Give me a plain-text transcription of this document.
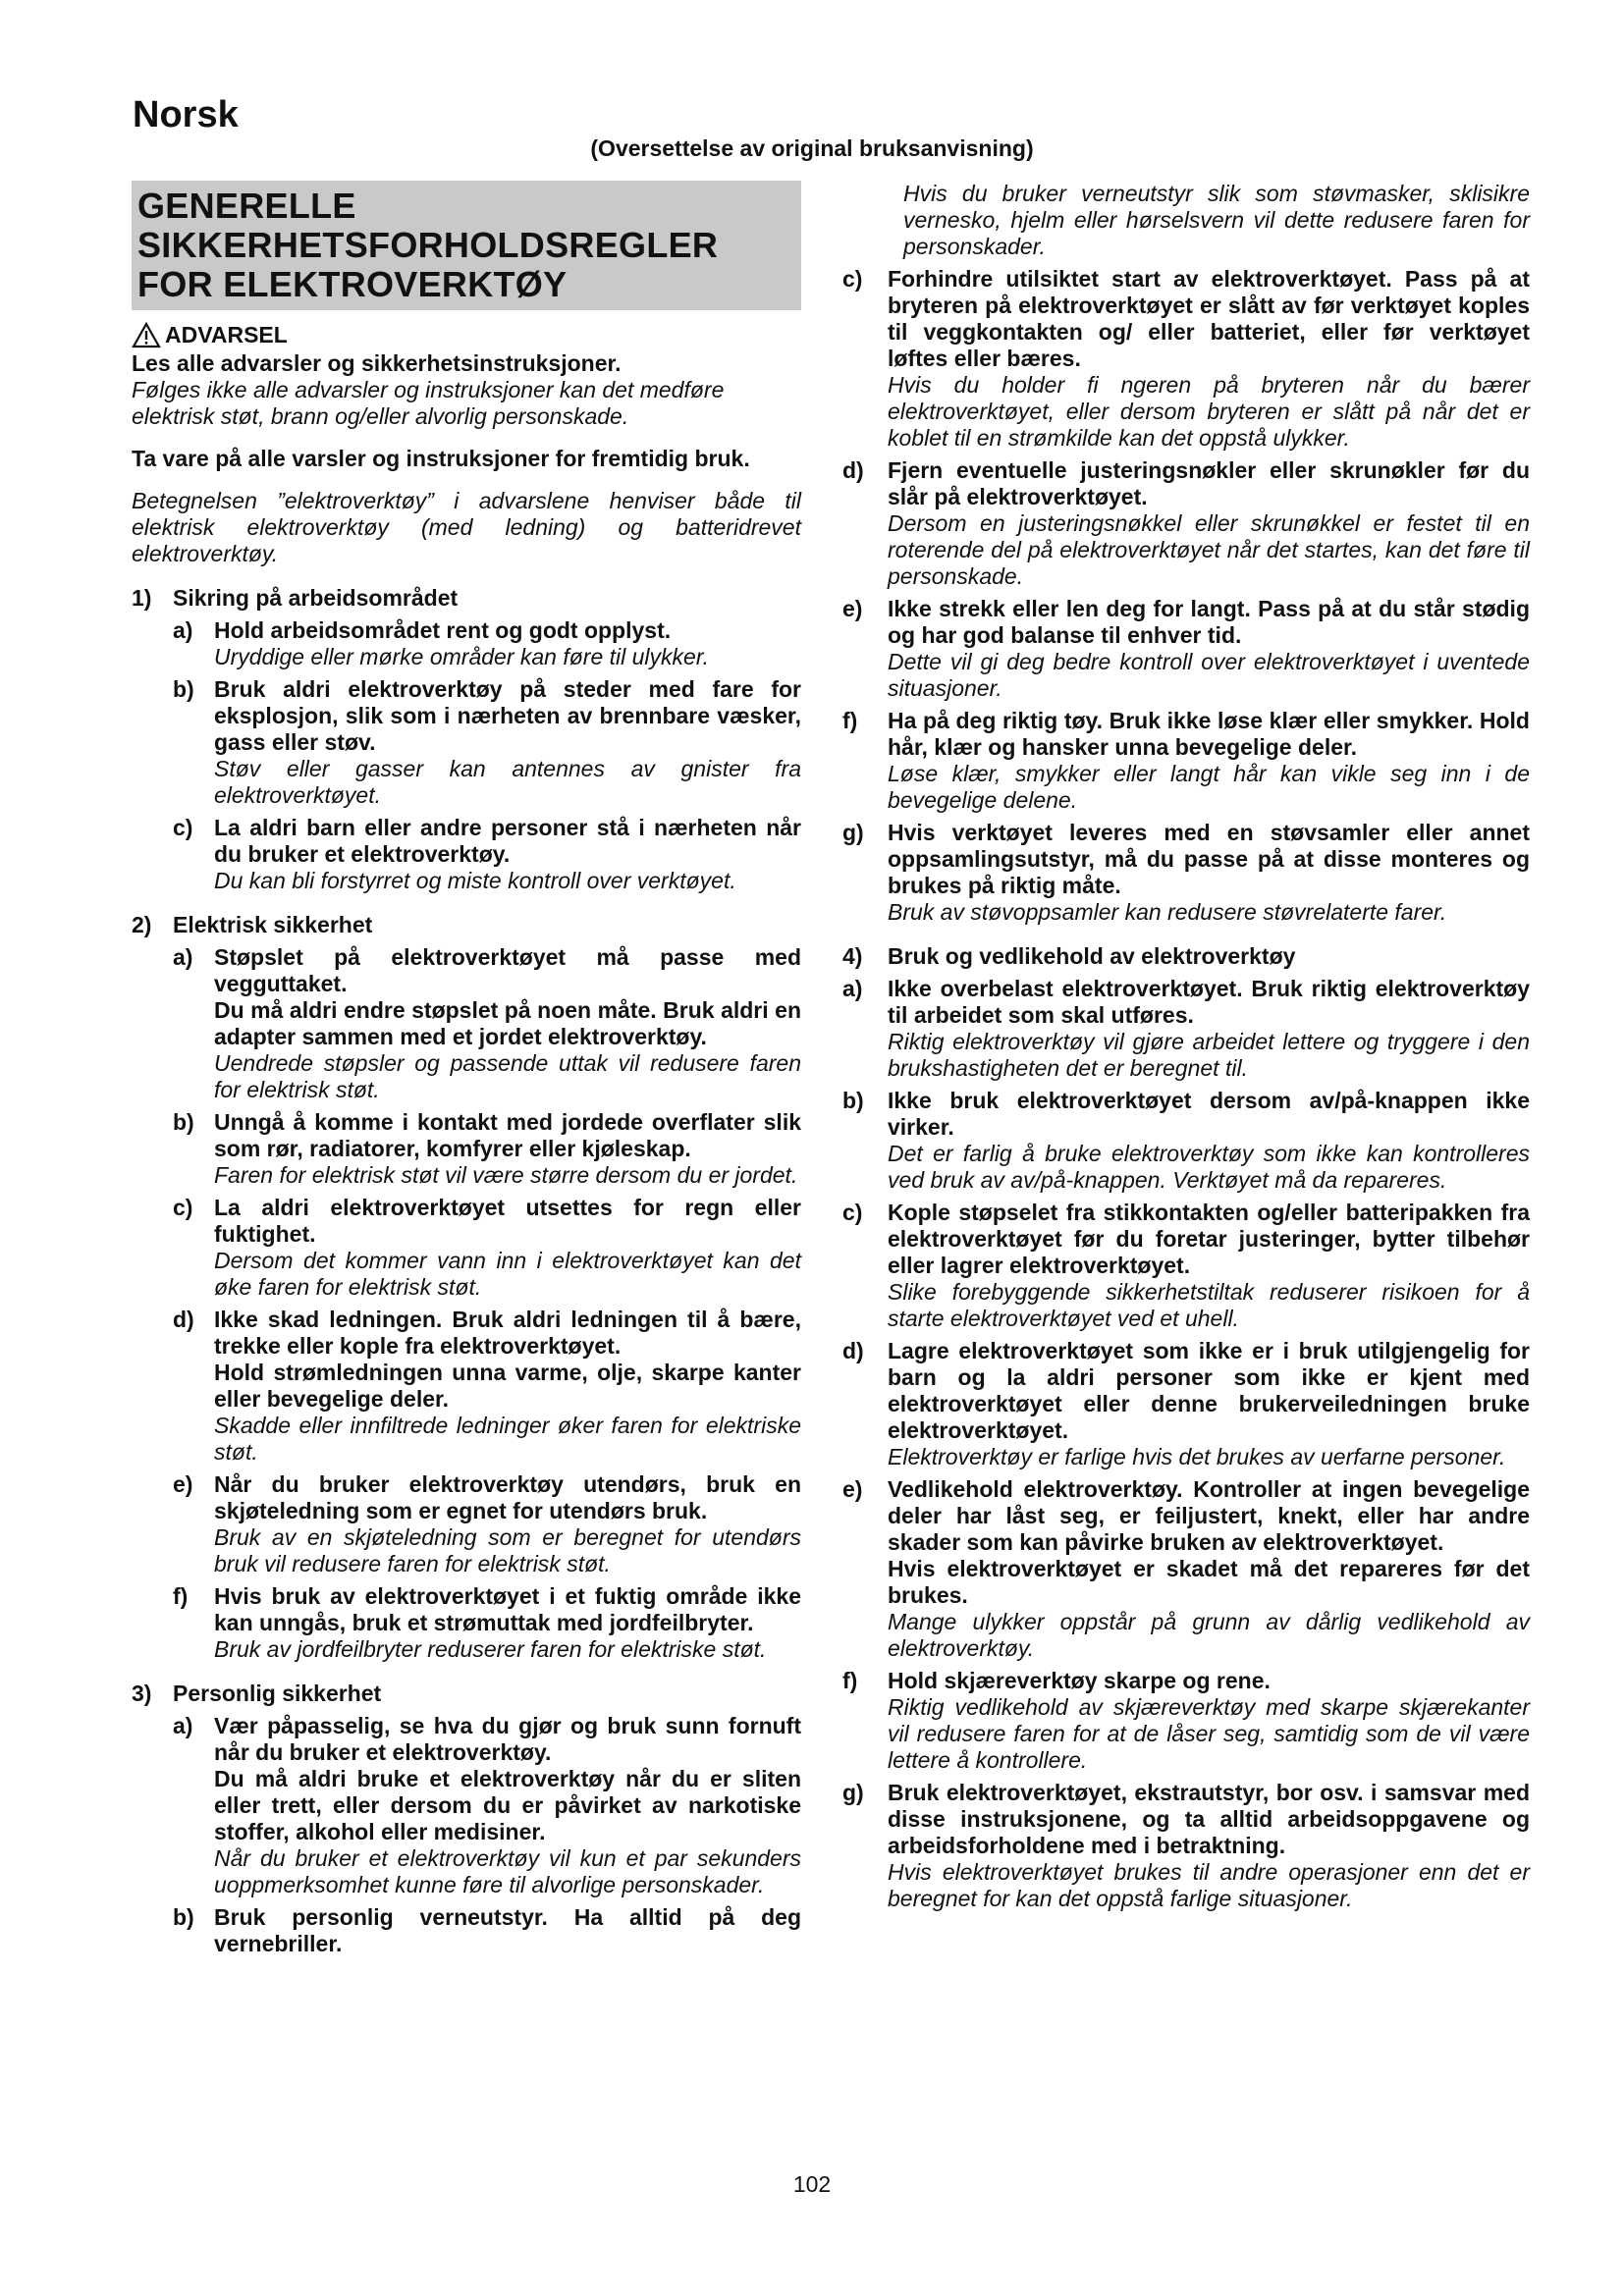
Norsk
(Oversettelse av original bruksanvisning)
GENERELLE
SIKKERHETSFORHOLDSREGLER
FOR ELEKTROVERKTØY
ADVARSEL

Les alle advarsler og sikkerhetsinstruksjoner.

Følges ikke alle advarsler og instruksjoner kan det medføre elektrisk støt, brann og/eller alvorlig personskade.

Ta vare på alle varsler og instruksjoner for fremtidig bruk.

Betegnelsen ”elektroverktøy” i advarslene henviser både til elektrisk elektroverktøy (med ledning) og batteridrevet elektroverktøy.

1) Sikring på arbeidsområdet
a) Hold arbeidsområdet rent og godt opplyst.

Uryddige eller mørke områder kan føre til ulykker.

b) Bruk aldri elektroverktøy på steder med fare for eksplosjon, slik som i nærheten av brennbare væsker, gass eller støv.

Støv eller gasser kan antennes av gnister fra elektroverktøyet.

c) La aldri barn eller andre personer stå i nærheten når du bruker et elektroverktøy.

Du kan bli forstyrret og miste kontroll over verktøyet.

2) Elektrisk sikkerhet
a) Støpslet på elektroverktøyet må passe med vegguttaket.

Du må aldri endre støpslet på noen måte. Bruk aldri en adapter sammen med et jordet elektroverktøy.

Uendrede støpsler og passende uttak vil redusere faren for elektrisk støt.

b) Unngå å komme i kontakt med jordede overflater slik som rør, radiatorer, komfyrer eller kjøleskap.

Faren for elektrisk støt vil være større dersom du er jordet.

c) La aldri elektroverktøyet utsettes for regn eller fuktighet.

Dersom det kommer vann inn i elektroverktøyet kan det øke faren for elektrisk støt.

d) Ikke skad ledningen. Bruk aldri ledningen til å bære, trekke eller kople fra elektroverktøyet.

Hold strømledningen unna varme, olje, skarpe kanter eller bevegelige deler.

Skadde eller innfiltrede ledninger øker faren for elektriske støt.

e) Når du bruker elektroverktøy utendørs, bruk en skjøteledning som er egnet for utendørs bruk.

Bruk av en skjøteledning som er beregnet for utendørs bruk vil redusere faren for elektrisk støt.

f)	Hvis bruk av elektroverktøyet i et fuktig område ikke kan unngås, bruk et strømuttak med jordfeilbryter.

Bruk av jordfeilbryter reduserer faren for elektriske støt.

3) Personlig sikkerhet
a) Vær påpasselig, se hva du gjør og bruk sunn fornuft når du bruker et elektroverktøy.

Du må aldri bruke et elektroverktøy når du er sliten eller trett, eller dersom du er påvirket av narkotiske stoffer, alkohol eller medisiner.

Når du bruker et elektroverktøy vil kun et par sekunders uoppmerksomhet kunne føre til alvorlige personskader.

b) Bruk personlig verneutstyr. Ha alltid på deg vernebriller.

Hvis du bruker verneutstyr slik som støvmasker, sklisikre vernesko, hjelm eller hørselsvern vil dette redusere faren for personskader.

c)	Forhindre utilsiktet start av elektroverktøyet. Pass på at bryteren på elektroverktøyet er slått av før verktøyet koples til veggkontakten og/ eller batteriet, eller før verktøyet løftes eller bæres.

Hvis du holder fi ngeren på bryteren når du bærer elektroverktøyet, eller dersom bryteren er slått på når det er koblet til en strømkilde kan det oppstå ulykker.

d)	Fjern eventuelle justeringsnøkler eller skrunøkler før du slår på elektroverktøyet.

Dersom en justeringsnøkkel eller skrunøkkel er festet til en roterende del på elektroverktøyet når det startes, kan det føre til personskade.

e)	Ikke strekk eller len deg for langt. Pass på at du står stødig og har god balanse til enhver tid.

Dette vil gi deg bedre kontroll over elektroverktøyet i uventede situasjoner.

f)	Ha på deg riktig tøy. Bruk ikke løse klær eller smykker. Hold hår, klær og hansker unna bevegelige deler.

Løse klær, smykker eller langt hår kan vikle seg inn i de bevegelige delene.

g)	Hvis verktøyet leveres med en støvsamler eller annet oppsamlingsutstyr, må du passe på at disse monteres og brukes på riktig måte.

Bruk av støvoppsamler kan redusere støvrelaterte farer.

4)	Bruk og vedlikehold av elektroverktøy
a)	Ikke overbelast elektroverktøyet. Bruk riktig elektroverktøy til arbeidet som skal utføres.

Riktig elektroverktøy vil gjøre arbeidet lettere og tryggere i den brukshastigheten det er beregnet til.

b)	Ikke bruk elektroverktøyet dersom av/på-knappen ikke virker.

Det er farlig å bruke elektroverktøy som ikke kan kontrolleres ved bruk av av/på-knappen. Verktøyet må da repareres.

c)	Kople støpselet fra stikkontakten og/eller batteripakken fra elektroverktøyet før du foretar justeringer, bytter tilbehør eller lagrer elektroverktøyet.

Slike forebyggende sikkerhetstiltak reduserer risikoen for å starte elektroverktøyet ved et uhell.

d)	Lagre elektroverktøyet som ikke er i bruk utilgjengelig for barn og la aldri personer som ikke er kjent med elektroverktøyet eller denne brukerveiledningen bruke elektroverktøyet.

Elektroverktøy er farlige hvis det brukes av uerfarne personer.

e)	Vedlikehold elektroverktøy. Kontroller at ingen bevegelige deler har låst seg, er feiljustert, knekt, eller har andre skader som kan påvirke bruken av elektroverktøyet.

Hvis elektroverktøyet er skadet må det repareres før det brukes.

Mange ulykker oppstår på grunn av dårlig vedlikehold av elektroverktøy.

f)	Hold skjæreverktøy skarpe og rene.

Riktig vedlikehold av skjæreverktøy med skarpe skjærekanter vil redusere faren for at de låser seg, samtidig som de vil være lettere å kontrollere.

g)	Bruk elektroverktøyet, ekstrautstyr, bor osv. i samsvar med disse instruksjonene, og ta alltid arbeidsoppgavene og arbeidsforholdene med i betraktning.

Hvis elektroverktøyet brukes til andre operasjoner enn det er beregnet for kan det oppstå farlige situasjoner.

102
